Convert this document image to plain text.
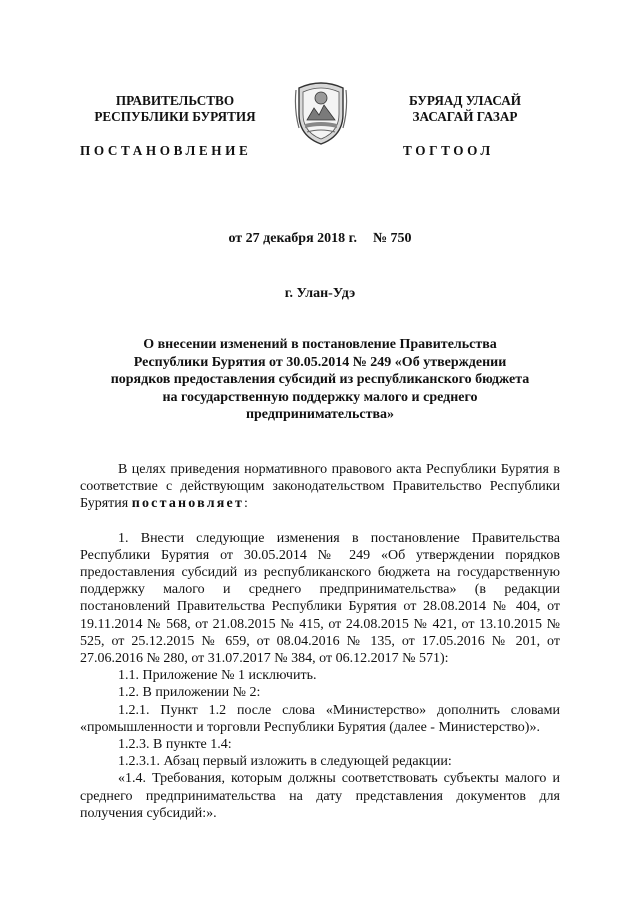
ПРАВИТЕЛЬСТВО
РЕСПУБЛИКИ БУРЯТИЯ
БУРЯАД УЛАСАЙ
ЗАСАГАЙ ГАЗАР
ПОСТАНОВЛЕНИЕ	ТОГТООЛ
от 27 декабря 2018 г. № 750
г. Улан-Удэ
О внесении изменений в постановление Правительства
Республики Бурятия от 30.05.2014 № 249 «Об утверждении
порядков предоставления субсидий из республиканского бюджета
на государственную поддержку малого и среднего
предпринимательства»

В целях приведения нормативного правового акта Республики Бурятия в соответствие с действующим законодательством Правительство Республики Бурятия постановляет:

1. Внести следующие изменения в постановление Правительства Республики Бурятия от 30.05.2014 № 249 «Об утверждении порядков предоставления субсидий из республиканского бюджета на государственную поддержку малого и среднего предпринимательства» (в редакции постановлений Правительства Республики Бурятия от 28.08.2014 № 404, от 19.11.2014 № 568, от 21.08.2015 № 415, от 24.08.2015 № 421, от 13.10.2015 № 525, от 25.12.2015 № 659, от 08.04.2016 № 135, от 17.05.2016 № 201, от 27.06.2016 № 280, от 31.07.2017 № 384, от 06.12.2017 № 571):

1.1. Приложение № 1 исключить.

1.2. В приложении № 2:

1.2.1. Пункт 1.2 после слова «Министерство» дополнить словами «промышленности и торговли Республики Бурятия (далее - Министерство)».

1.2.3. В пункте 1.4:

1.2.3.1. Абзац первый изложить в следующей редакции:

«1.4. Требования, которым должны соответствовать субъекты малого и среднего предпринимательства на дату представления документов для получения субсидий:».
